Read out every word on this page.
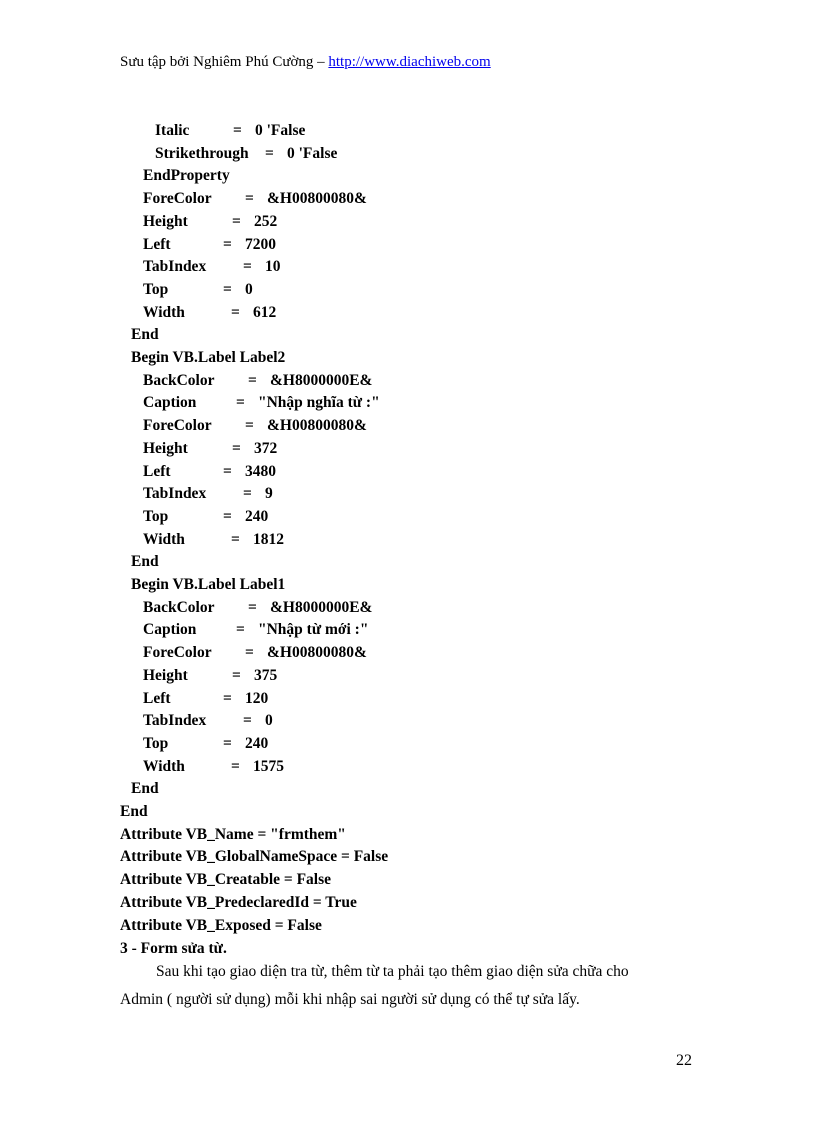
Sưu tập bởi Nghiêm Phú Cường – http://www.diachiweb.com
Italic	= 0 'False
Strikethrough = 0 'False
EndProperty
ForeColor = &H00800080&
Height	= 252
Left	= 7200
TabIndex = 10
Top	= 0
Width	= 612
End
Begin VB.Label Label2
BackColor = &H8000000E&
Caption	= "Nhập nghĩa từ :"
ForeColor = &H00800080&
Height	= 372
Left	= 3480
TabIndex = 9
Top	= 240
Width	= 1812
End
Begin VB.Label Label1
BackColor = &H8000000E&
Caption	= "Nhập từ mới :"
ForeColor = &H00800080&
Height	= 375
Left	= 120
TabIndex = 0
Top	= 240
Width	= 1575
End
End
Attribute VB_Name = "frmthem"
Attribute VB_GlobalNameSpace = False
Attribute VB_Creatable = False
Attribute VB_PredeclaredId = True
Attribute VB_Exposed = False
3 - Form sửa từ.
Sau khi tạo giao diện tra từ, thêm từ ta phải tạo thêm giao diện sửa chữa cho
Admin ( người sử dụng) mỗi khi nhập sai người sử dụng có thể tự sửa lấy.
22
